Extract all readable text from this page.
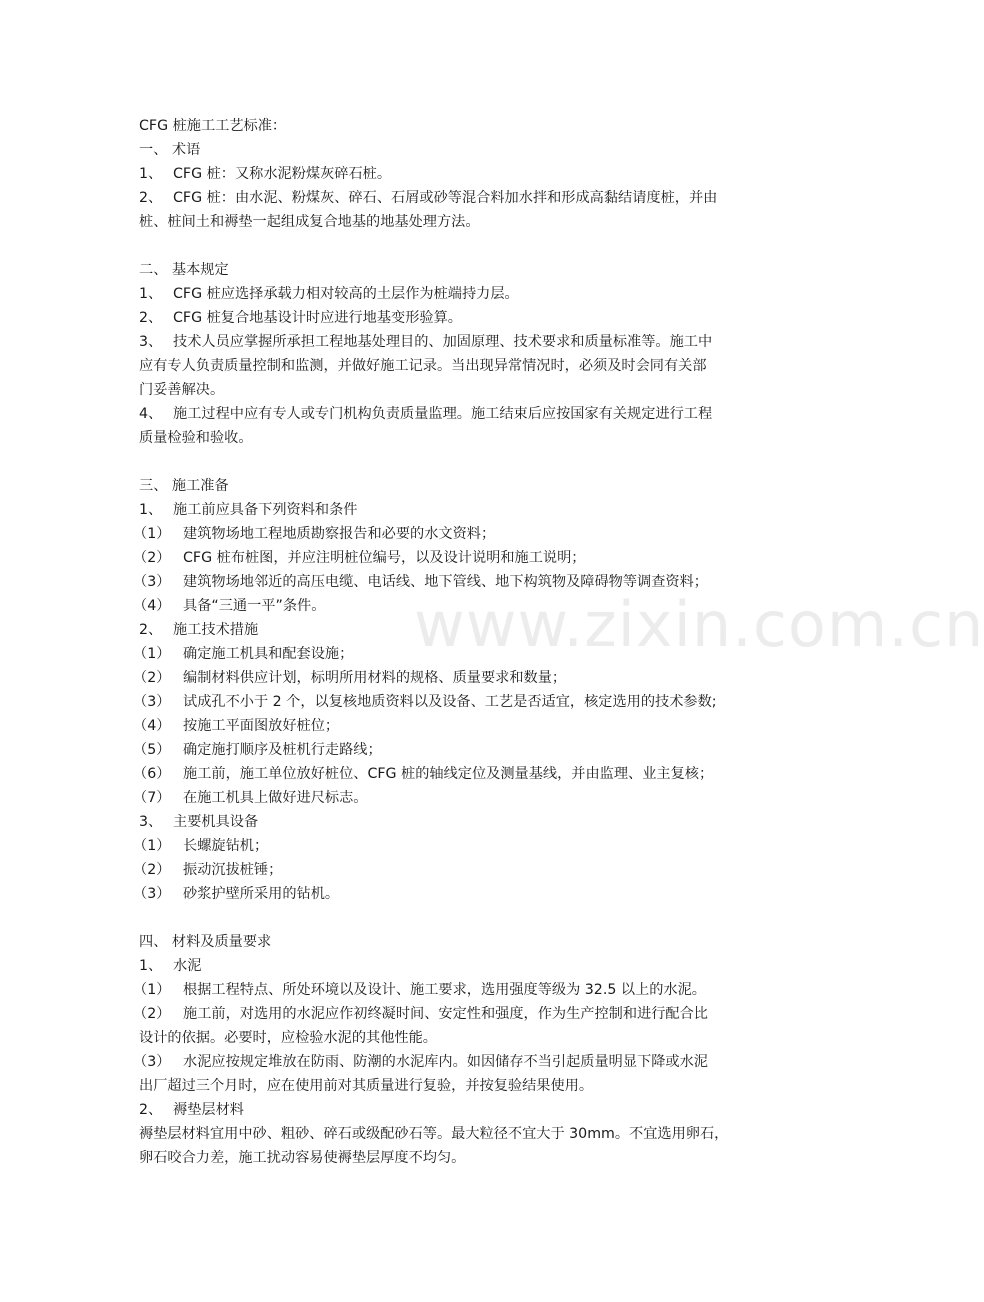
www.zixin.com.cn
CFG 桩施工工艺标准：
一、 术语
1、 CFG 桩：又称水泥粉煤灰碎石桩。
2、 CFG 桩：由水泥、粉煤灰、碎石、石屑或砂等混合料加水拌和形成高黏结请度桩，并由
桩、桩间土和褥垫一起组成复合地基的地基处理方法。
二、 基本规定
1、 CFG 桩应选择承载力相对较高的土层作为桩端持力层。
2、 CFG 桩复合地基设计时应进行地基变形验算。
3、 技术人员应掌握所承担工程地基处理目的、加固原理、技术要求和质量标准等。施工中
应有专人负责质量控制和监测，并做好施工记录。当出现异常情况时，必须及时会同有关部
门妥善解决。
4、 施工过程中应有专人或专门机构负责质量监理。施工结束后应按国家有关规定进行工程
质量检验和验收。
三、 施工准备
1、 施工前应具备下列资料和条件
（1） 建筑物场地工程地质勘察报告和必要的水文资料；
（2） CFG 桩布桩图，并应注明桩位编号，以及设计说明和施工说明；
（3） 建筑物场地邻近的高压电缆、电话线、地下管线、地下构筑物及障碍物等调查资料；
（4） 具备“三通一平”条件。
2、 施工技术措施
（1） 确定施工机具和配套设施；
（2） 编制材料供应计划，标明所用材料的规格、质量要求和数量；
（3） 试成孔不小于 2 个，以复核地质资料以及设备、工艺是否适宜，核定选用的技术参数;
（4） 按施工平面图放好桩位；
（5） 确定施打顺序及桩机行走路线；
（6） 施工前，施工单位放好桩位、CFG 桩的轴线定位及测量基线，并由监理、业主复核；
（7） 在施工机具上做好进尺标志。
3、 主要机具设备
（1） 长螺旋钻机；
（2） 振动沉拔桩锤；
（3） 砂浆护壁所采用的钻机。
四、 材料及质量要求
1、 水泥
（1） 根据工程特点、所处环境以及设计、施工要求，选用强度等级为 32.5 以上的水泥。
（2） 施工前，对选用的水泥应作初终凝时间、安定性和强度，作为生产控制和进行配合比
设计的依据。必要时，应检验水泥的其他性能。
（3） 水泥应按规定堆放在防雨、防潮的水泥库内。如因储存不当引起质量明显下降或水泥
出厂超过三个月时，应在使用前对其质量进行复验，并按复验结果使用。
2、 褥垫层材料
褥垫层材料宜用中砂、粗砂、碎石或级配砂石等。最大粒径不宜大于 30mm。不宜选用卵石，
卵石咬合力差，施工扰动容易使褥垫层厚度不均匀。
